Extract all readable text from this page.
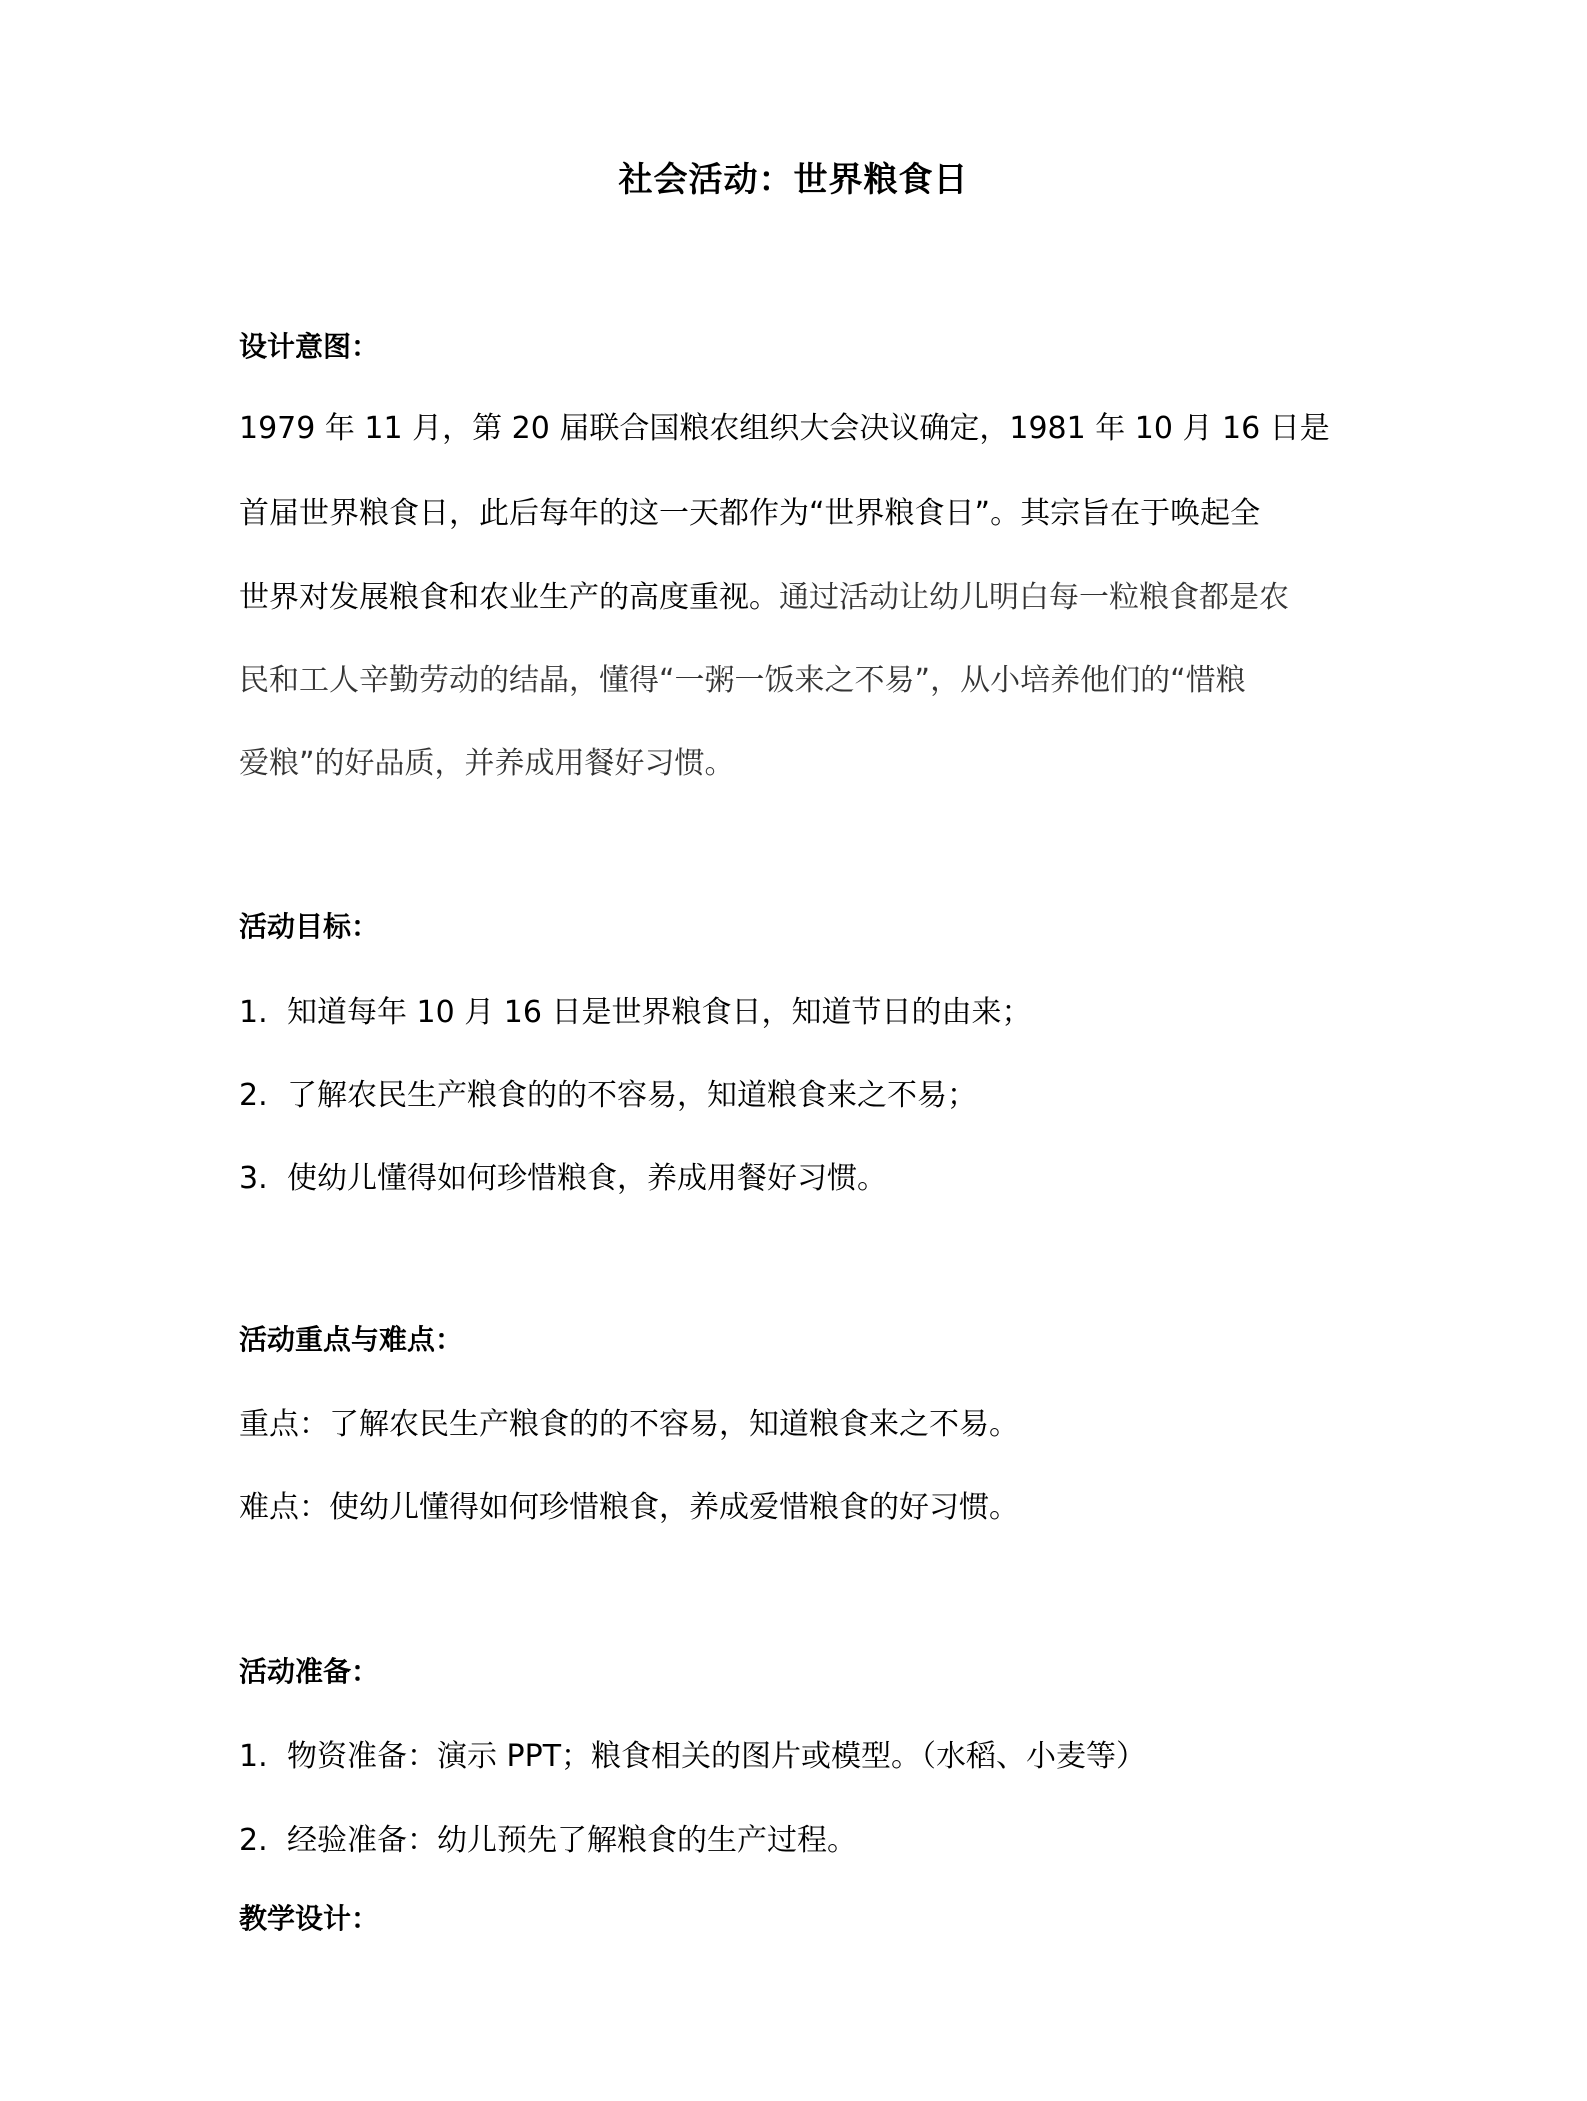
社会活动：世界粮食日
设计意图：
1979 年 11 月，第 20 届联合国粮农组织大会决议确定，1981 年 10 月 16 日是
首届世界粮食日，此后每年的这一天都作为“世界粮食日”。其宗旨在于唤起全
世界对发展粮食和农业生产的高度重视。通过活动让幼儿明白每一粒粮食都是农
民和工人辛勤劳动的结晶，懂得“一粥一饭来之不易”，从小培养他们的“惜粮
爱粮”的好品质，并养成用餐好习惯。
活动目标：
1. 知道每年 10 月 16 日是世界粮食日，知道节日的由来；
2. 了解农民生产粮食的的不容易，知道粮食来之不易；
3. 使幼儿懂得如何珍惜粮食，养成用餐好习惯。
活动重点与难点：
重点：了解农民生产粮食的的不容易，知道粮食来之不易。
难点：使幼儿懂得如何珍惜粮食，养成爱惜粮食的好习惯。
活动准备：
1. 物资准备：演示 PPT；粮食相关的图片或模型。（水稻、小麦等）
2. 经验准备：幼儿预先了解粮食的生产过程。
教学设计：
